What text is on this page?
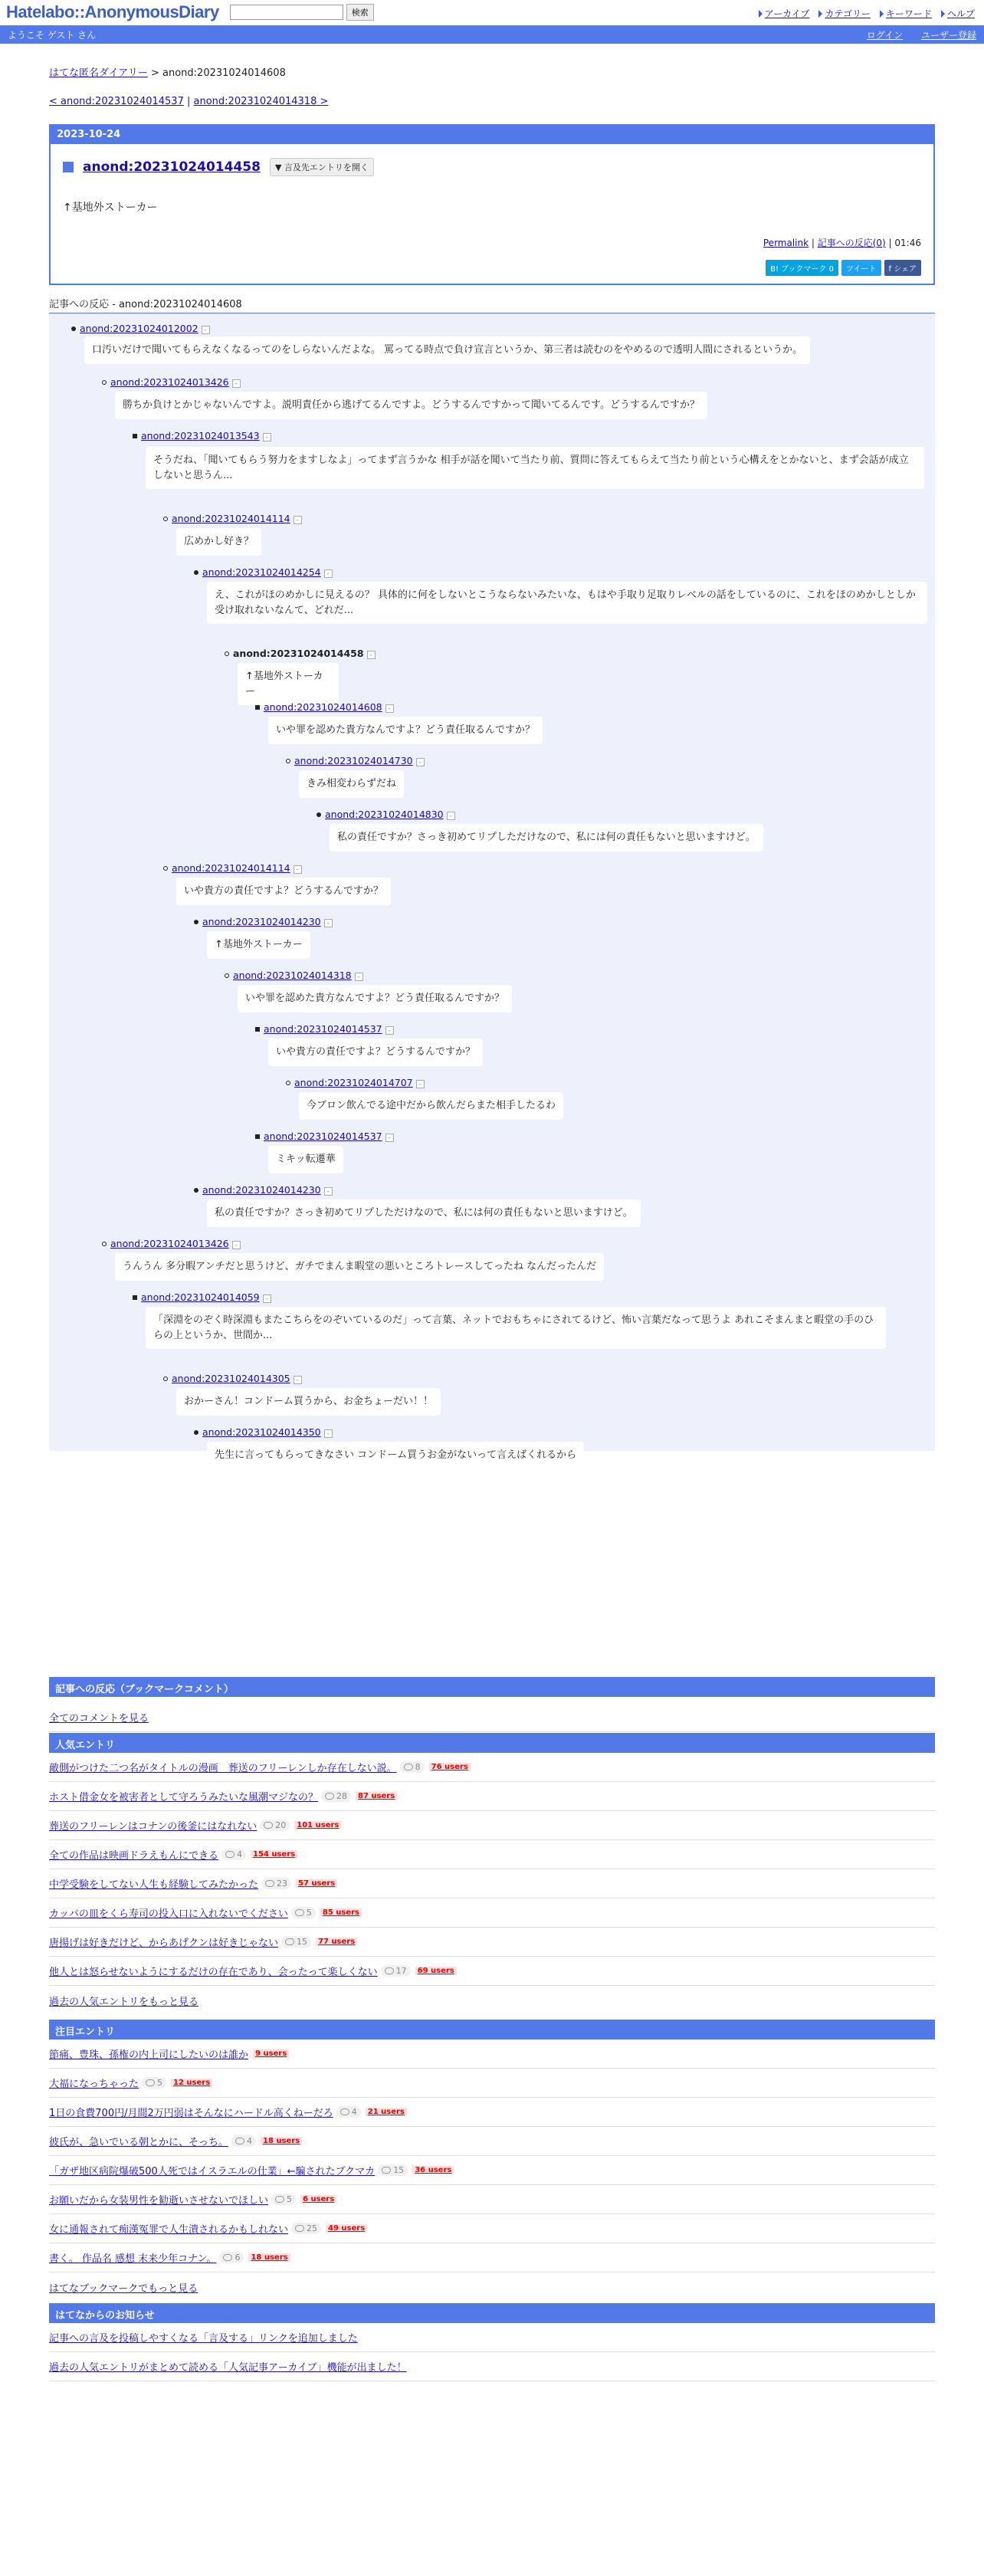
Hatelabo::AnonymousDiary	検索	アーカイブ	カテゴリー	キーワード	ヘルプ
ようこそ ゲスト さん	ログイン ユーザー登録
はてな匿名ダイアリー > anond:20231024014608
< anond:20231024014537 | anond:20231024014318 >
2023-10-24
anond:20231024014458	▼ 言及先エントリを開く
↑基地外ストーカー
Permalink | 記事への反応(0) | 01:46
B! ブックマーク 0 ツイート f シェア
記事への反応 - anond:20231024014608
anond:20231024012002 -
口汚いだけで聞いてもらえなくなるってのをしらないんだよな。 罵ってる時点で負け宣言というか、第三者は読むのをやめるので透明人間にされるというか。
anond:20231024013426 -
勝ちか負けとかじゃないんですよ。説明責任から逃げてるんですよ。どうするんですかって聞いてるんです。どうするんですか？
anond:20231024013543 -
そうだね、「聞いてもらう努力をますしなよ」ってまず言うかな 相手が話を聞いて当たり前、質問に答えてもらえて当たり前という心構えをとかないと、まず会話が成立しないと思うん...
anond:20231024014114 -
広めかし好き？
anond:20231024014254 -
え、これがほのめかしに見えるの？ 具体的に何をしないとこうならないみたいな、もはや手取り足取りレベルの話をしているのに、これをほのめかしとしか受け取れないなんて、どれだ...
anond:20231024014458 -
↑基地外ストーカー
anond:20231024014608 -
いや罪を認めた貴方なんですよ？どう責任取るんですか？
anond:20231024014730 -
きみ相変わらずだね
anond:20231024014830 -
私の責任ですか？さっき初めてリプしただけなので、私には何の責任もないと思いますけど。
anond:20231024014114 -
いや貴方の責任ですよ？どうするんですか？
anond:20231024014230 -
↑基地外ストーカー
anond:20231024014318 -
いや罪を認めた貴方なんですよ？どう責任取るんですか？
anond:20231024014537 -
いや貴方の責任ですよ？どうするんですか？
anond:20231024014707 -
今ブロン飲んでる途中だから飲んだらまた相手したるわ
anond:20231024014537 -
ミキッ転遷華
anond:20231024014230 -
私の責任ですか？さっき初めてリプしただけなので、私には何の責任もないと思いますけど。
anond:20231024013426 -
うんうん 多分暇アンチだと思うけど、ガチでまんま暇堂の悪いところトレースしてったね なんだったんだ
anond:20231024014059 -
「深淵をのぞく時深淵もまたこちらをのぞいているのだ」って言葉、ネットでおもちゃにされてるけど、怖い言葉だなって思うよ あれこそまんまと暇堂の手のひらの上というか、世間か...
anond:20231024014305 -
おかーさん！コンドーム買うから、お金ちょーだい！！
anond:20231024014350 -
先生に言ってもらってきなさい コンドーム買うお金がないって言えばくれるから
記事への反応（ブックマークコメント）
全てのコメントを見る
人気エントリ
敵側がつけた二つ名がタイトルの漫画　葬送のフリーレンしか存在しない説。 8	76 users
ホスト借金女を被害者として守ろうみたいな風潮マジなの？ 28	87 users
葬送のフリーレンはコナンの後釜にはなれない 20	101 users
全ての作品は映画ドラえもんにできる 4	154 users
中学受験をしてない人生も経験してみたかった 23	57 users
カッパの皿をくら寿司の投入口に入れないでください 5	85 users
唐揚げは好きだけど、からあげクンは好きじゃない 15	77 users
他人とは怒らせないようにするだけの存在であり、会ったって楽しくない 17	69 users
過去の人気エントリをもっと見る
注目エントリ
節痛、豊珠、孫権の内上司にしたいのは誰か 9 users
大福になっちゃった 5	12 users
1日の食費700円/月間2万円弱はそんなにハードル高くねーだろ 4	21 users
彼氏が、急いでいる朝とかに、そっち。 4	18 users
「ガザ地区病院爆破500人死ではイスラエルの仕業」←騙されたブクマカ 15	36 users
お願いだから女装男性を勧逝いさせないでほしい 5	6 users
女に通報されて痴漢冤罪で人生潰されるかもしれない 25	49 users
書く。 作品名 感想 末来少年コナン。 6	18 users
はてなブックマークでもっと見る
はてなからのお知らせ
記事への言及を投稿しやすくなる「言及する」リンクを追加しました
過去の人気エントリがまとめて読める「人気記事アーカイブ」機能が出ました！
